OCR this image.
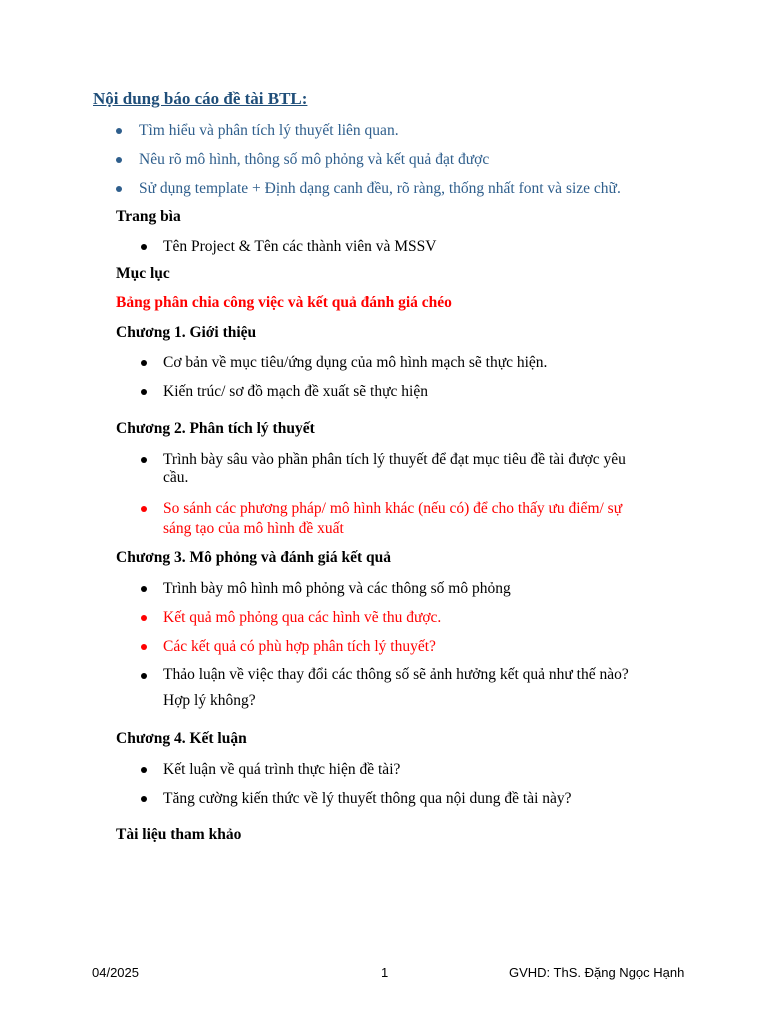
Nội dung báo cáo đề tài BTL:
Tìm hiểu và phân tích lý thuyết liên quan.
Nêu rõ mô hình, thông số mô phỏng và kết quả đạt được
Sử dụng template + Định dạng canh đều, rõ ràng, thống nhất font và size chữ.
Trang bìa
Tên Project & Tên các thành viên và MSSV
Mục lục
Bảng phân chia công việc và kết quả đánh giá chéo
Chương 1. Giới thiệu
Cơ bản về mục tiêu/ứng dụng của mô hình mạch sẽ thực hiện.
Kiến trúc/ sơ đồ mạch đề xuất sẽ thực hiện
Chương 2. Phân tích lý thuyết
Trình bày sâu vào phần phân tích lý thuyết để đạt mục tiêu đề tài được yêu
cầu.
So sánh các phương pháp/ mô hình khác (nếu có) để cho thấy ưu điểm/ sự
sáng tạo của mô hình đề xuất
Chương 3. Mô phỏng và đánh giá kết quả
Trình bày mô hình mô phỏng và các thông số mô phỏng
Kết quả mô phỏng qua các hình vẽ thu được.
Các kết quả có phù hợp phân tích lý thuyết?
Thảo luận về việc thay đổi các thông số sẽ ảnh hưởng kết quả như thế nào?
Hợp lý không?
Chương 4. Kết luận
Kết luận về quá trình thực hiện đề tài?
Tăng cường kiến thức về lý thuyết thông qua nội dung đề tài này?
Tài liệu tham khảo
04/2025	1	GVHD: ThS. Đặng Ngọc Hạnh
